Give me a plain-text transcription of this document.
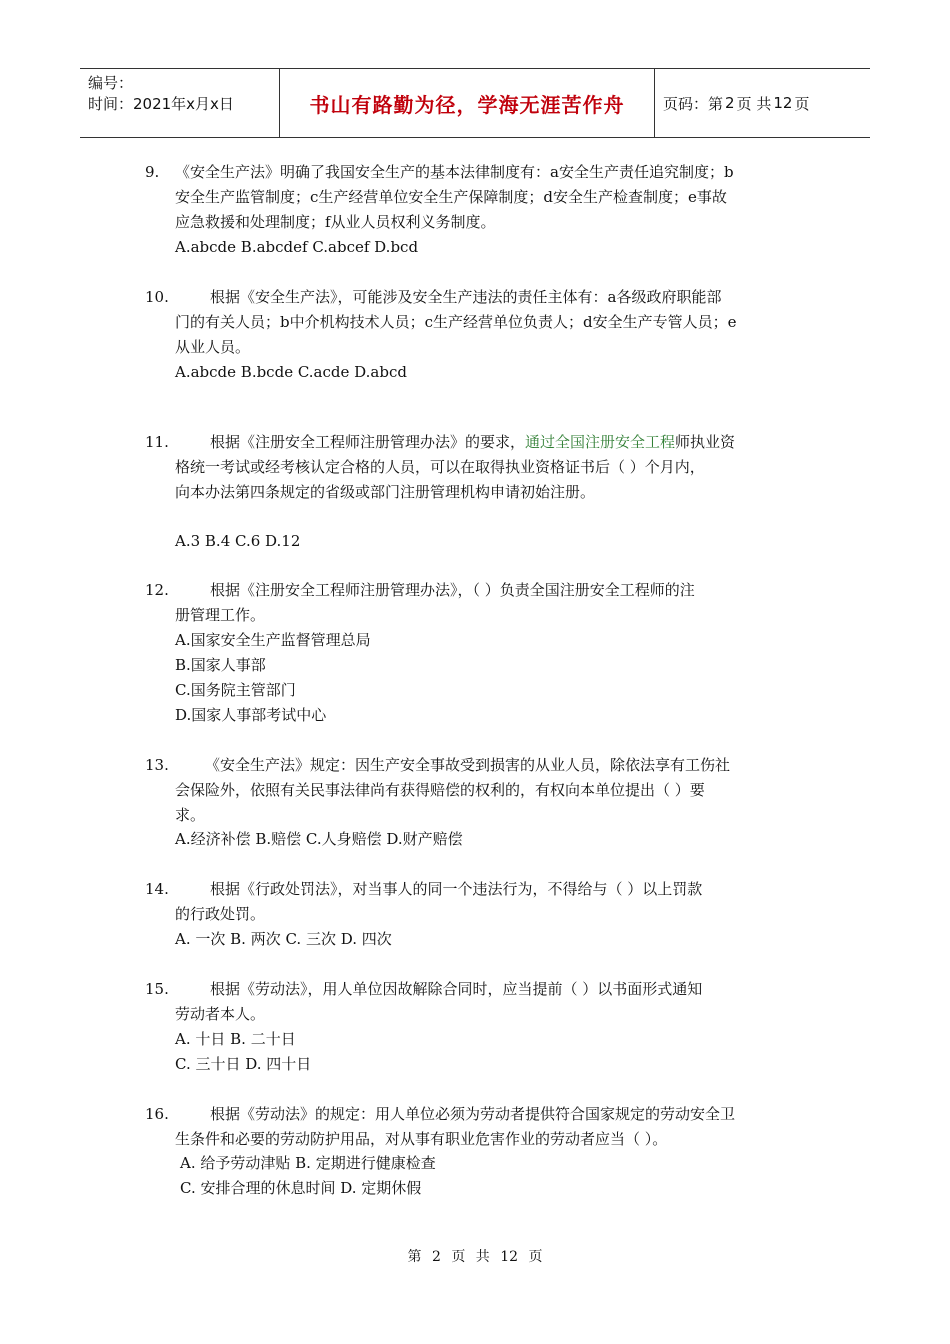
编号：
时间：2021年x月x日	书山有路勤为径，学海无涯苦作舟	页码：第 2 页 共 12 页
9. 《安全生产法》明确了我国安全生产的基本法律制度有：a安全生产责任追究制度；b
安全生产监管制度；c生产经营单位安全生产保障制度；d安全生产检查制度；e事故
应急救援和处理制度；f从业人员权利义务制度。
A.abcde B.abcdef C.abcef D.bcd
10.	根据《安全生产法》，可能涉及安全生产违法的责任主体有：a各级政府职能部
门的有关人员；b中介机构技术人员；c生产经营单位负责人；d安全生产专管人员；e
从业人员。
A.abcde B.bcde C.acde D.abcd
11.	根据《注册安全工程师注册管理办法》的要求，通过全国注册安全工程师执业资
格统一考试或经考核认定合格的人员，可以在取得执业资格证书后（ ）个月内，
向本办法第四条规定的省级或部门注册管理机构申请初始注册。
A.3 B.4 C.6 D.12
12.	根据《注册安全工程师注册管理办法》，（ ）负责全国注册安全工程师的注
册管理工作。
A.国家安全生产监督管理总局
B.国家人事部
C.国务院主管部门
D.国家人事部考试中心
13.	《安全生产法》规定：因生产安全事故受到损害的从业人员，除依法享有工伤社
会保险外，依照有关民事法律尚有获得赔偿的权利的，有权向本单位提出（ ）要
求。
A.经济补偿 B.赔偿 C.人身赔偿 D.财产赔偿
14.	根据《行政处罚法》，对当事人的同一个违法行为，不得给与（ ）以上罚款
的行政处罚。
A. 一次 B. 两次 C. 三次 D. 四次
15.	根据《劳动法》，用人单位因故解除合同时，应当提前（ ）以书面形式通知
劳动者本人。
A. 十日 B. 二十日
C. 三十日 D. 四十日
16.	根据《劳动法》的规定：用人单位必须为劳动者提供符合国家规定的劳动安全卫
生条件和必要的劳动防护用品，对从事有职业危害作业的劳动者应当（ ）。
A. 给予劳动津贴 B. 定期进行健康检查
C. 安排合理的休息时间 D. 定期休假
第 2 页 共 12 页
